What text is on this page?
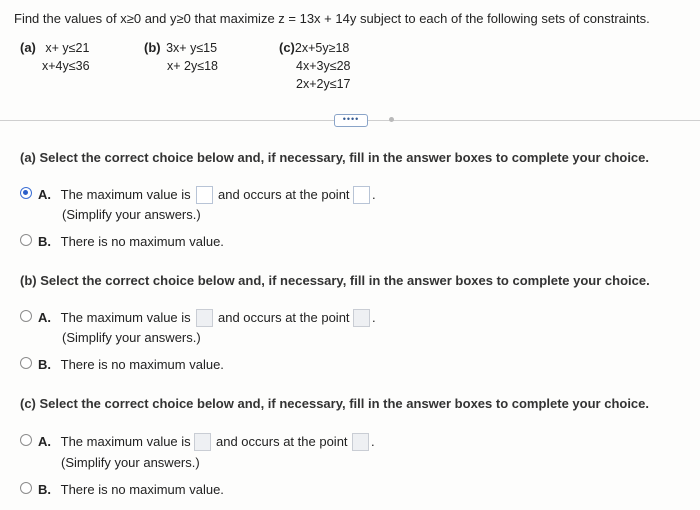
Find the values of x≥0 and y≥0 that maximize z = 13x + 14y subject to each of the following sets of constraints.
(a) x+ y≤21
x+4y≤36
(b) 3x+ y≤15
x+ 2y≤18
(c)2x+5y≥18
4x+3y≤28
2x+2y≤17
••••
(a) Select the correct choice below and, if necessary, fill in the answer boxes to complete your choice.
A. The maximum value is and occurs at the point .
(Simplify your answers.)
B. There is no maximum value.
(b) Select the correct choice below and, if necessary, fill in the answer boxes to complete your choice.
A. The maximum value is and occurs at the point .
(Simplify your answers.)
B. There is no maximum value.
(c) Select the correct choice below and, if necessary, fill in the answer boxes to complete your choice.
A. The maximum value is and occurs at the point .
(Simplify your answers.)
B. There is no maximum value.
